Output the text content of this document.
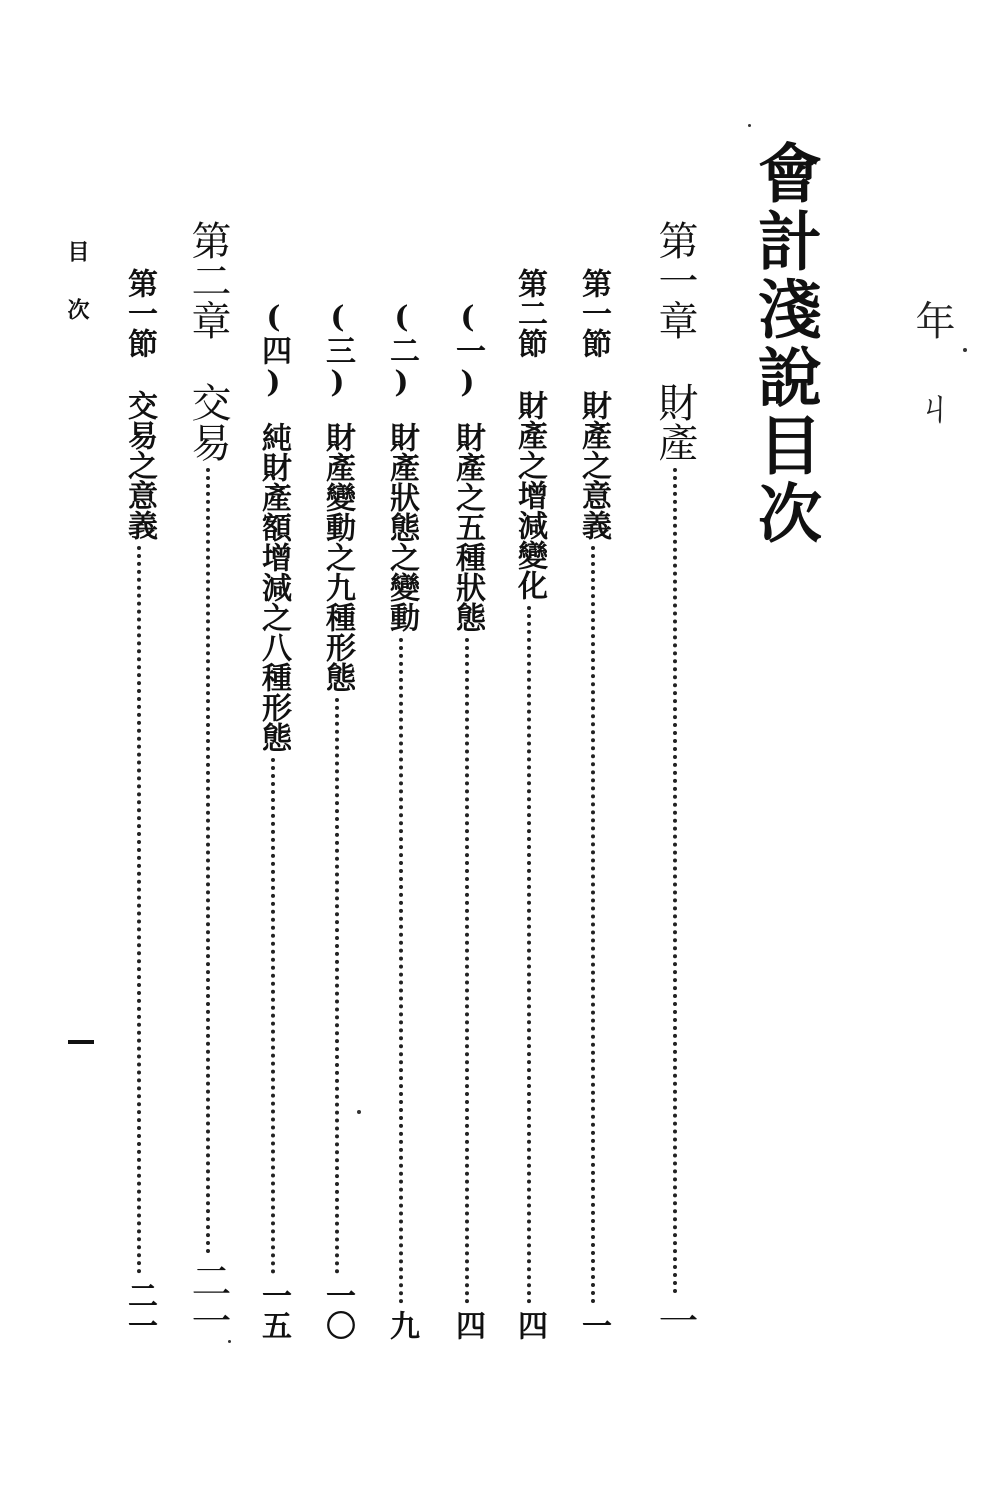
會計淺說目次 年 ㄐ
第一章
財產
一
第一節
財產之意義
一
第二節
財產之增減變化
四
(一)
財產之五種狀態
四
(二)
財產狀態之變動
九
(三)
財產變動之九種形態
一〇
(四)
純財產額增減之八種形態
一五
第二章
交易
二一
第一節
交易之意義
二一
目次
